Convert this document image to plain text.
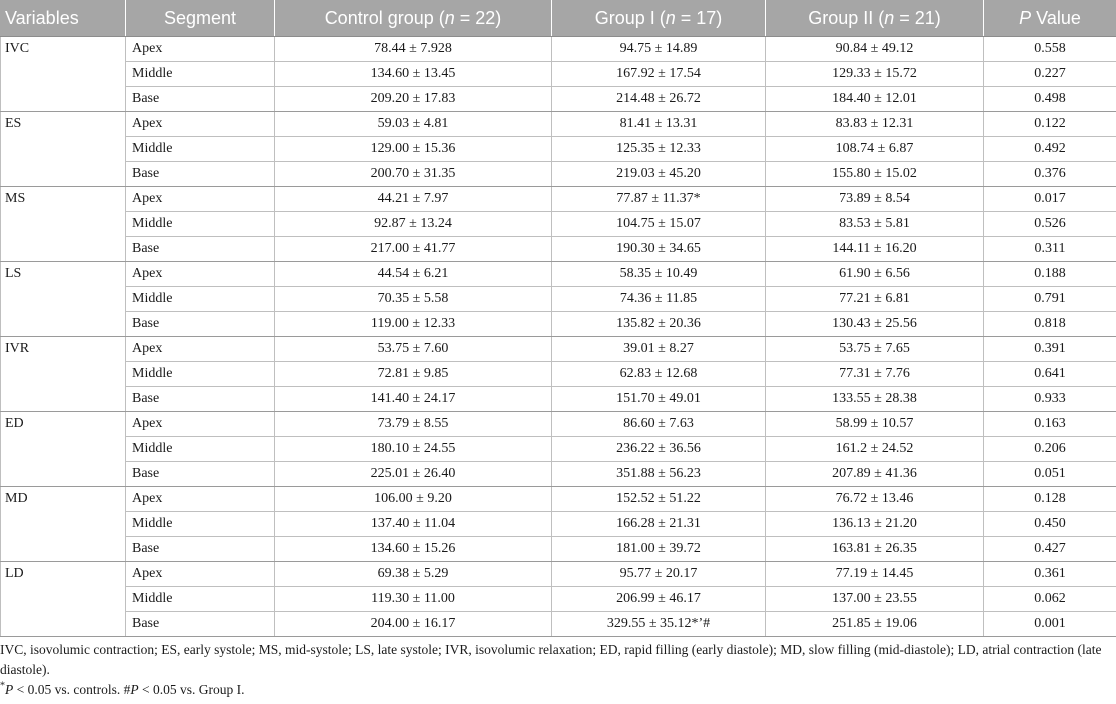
Variables	Segment	Control group (n = 22)	Group I (n = 17)	Group II (n = 21)	P Value
IVC	Apex	78.44 ± 7.928	94.75 ± 14.89	90.84 ± 49.12	0.558
	Middle	134.60 ± 13.45	167.92 ± 17.54	129.33 ± 15.72	0.227
	Base	209.20 ± 17.83	214.48 ± 26.72	184.40 ± 12.01	0.498
ES	Apex	59.03 ± 4.81	81.41 ± 13.31	83.83 ± 12.31	0.122
	Middle	129.00 ± 15.36	125.35 ± 12.33	108.74 ± 6.87	0.492
	Base	200.70 ± 31.35	219.03 ± 45.20	155.80 ± 15.02	0.376
MS	Apex	44.21 ± 7.97	77.87 ± 11.37*	73.89 ± 8.54	0.017
	Middle	92.87 ± 13.24	104.75 ± 15.07	83.53 ± 5.81	0.526
	Base	217.00 ± 41.77	190.30 ± 34.65	144.11 ± 16.20	0.311
LS	Apex	44.54 ± 6.21	58.35 ± 10.49	61.90 ± 6.56	0.188
	Middle	70.35 ± 5.58	74.36 ± 11.85	77.21 ± 6.81	0.791
	Base	119.00 ± 12.33	135.82 ± 20.36	130.43 ± 25.56	0.818
IVR	Apex	53.75 ± 7.60	39.01 ± 8.27	53.75 ± 7.65	0.391
	Middle	72.81 ± 9.85	62.83 ± 12.68	77.31 ± 7.76	0.641
	Base	141.40 ± 24.17	151.70 ± 49.01	133.55 ± 28.38	0.933
ED	Apex	73.79 ± 8.55	86.60 ± 7.63	58.99 ± 10.57	0.163
	Middle	180.10 ± 24.55	236.22 ± 36.56	161.2 ± 24.52	0.206
	Base	225.01 ± 26.40	351.88 ± 56.23	207.89 ± 41.36	0.051
MD	Apex	106.00 ± 9.20	152.52 ± 51.22	76.72 ± 13.46	0.128
	Middle	137.40 ± 11.04	166.28 ± 21.31	136.13 ± 21.20	0.450
	Base	134.60 ± 15.26	181.00 ± 39.72	163.81 ± 26.35	0.427
LD	Apex	69.38 ± 5.29	95.77 ± 20.17	77.19 ± 14.45	0.361
	Middle	119.30 ± 11.00	206.99 ± 46.17	137.00 ± 23.55	0.062
	Base	204.00 ± 16.17	329.55 ± 35.12*’#	251.85 ± 19.06	0.001

IVC, isovolumic contraction; ES, early systole; MS, mid-systole; LS, late systole; IVR, isovolumic relaxation; ED, rapid filling (early diastole); MD, slow filling (mid-diastole); LD, atrial contraction (late diastole).

*P < 0.05 vs. controls. #P < 0.05 vs. Group I.
